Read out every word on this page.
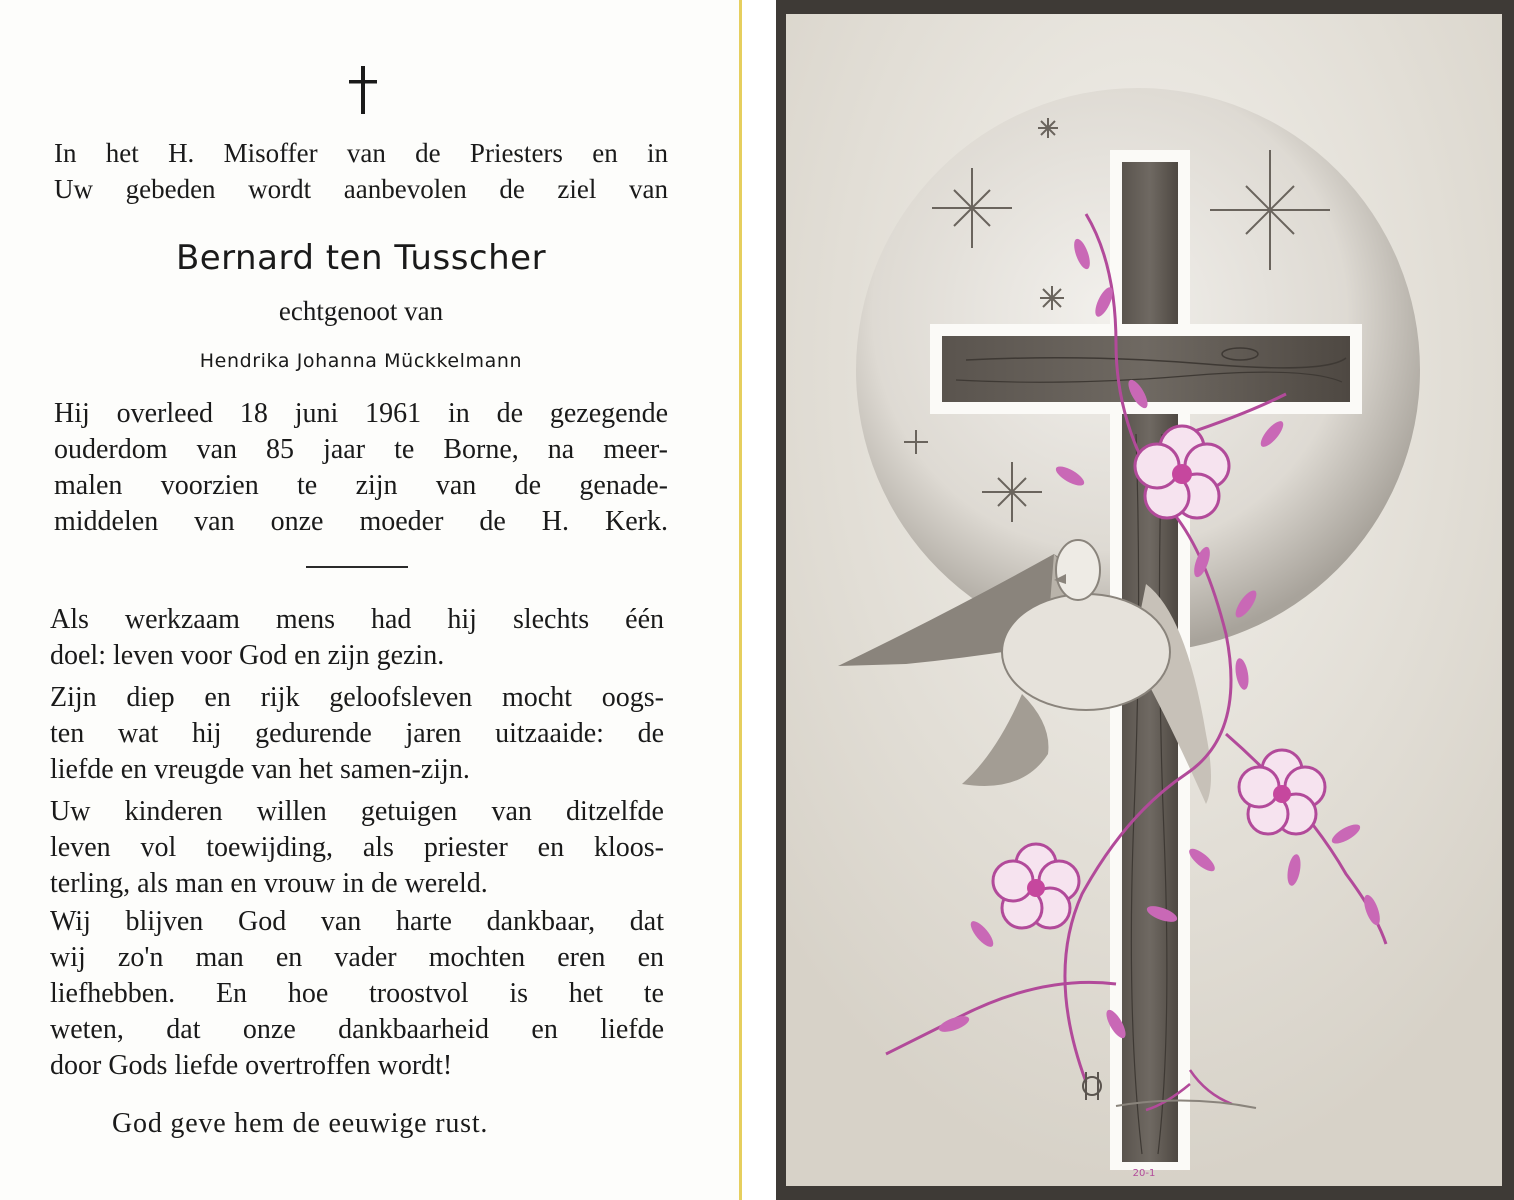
In het H. Misoffer van de Priesters en in
Uw gebeden wordt aanbevolen de ziel van
Bernard ten Tusscher
echtgenoot van
Hendrika Johanna Mückkelmann
Hij overleed 18 juni 1961 in de gezegende
ouderdom van 85 jaar te Borne, na meer-
malen voorzien te zijn van de genade-
middelen van onze moeder de H. Kerk.
Als werkzaam mens had hij slechts één
doel: leven voor God en zijn gezin.
Zijn diep en rijk geloofsleven mocht oogs-
ten wat hij gedurende jaren uitzaaide: de
liefde en vreugde van het samen-zijn.
Uw kinderen willen getuigen van ditzelfde
leven vol toewijding, als priester en kloos-
terling, als man en vrouw in de wereld.
Wij blijven God van harte dankbaar, dat
wij zo'n man en vader mochten eren en
liefhebben. En hoe troostvol is het te
weten, dat onze dankbaarheid en liefde
door Gods liefde overtroffen wordt!
God geve hem de eeuwige rust.
20-1
